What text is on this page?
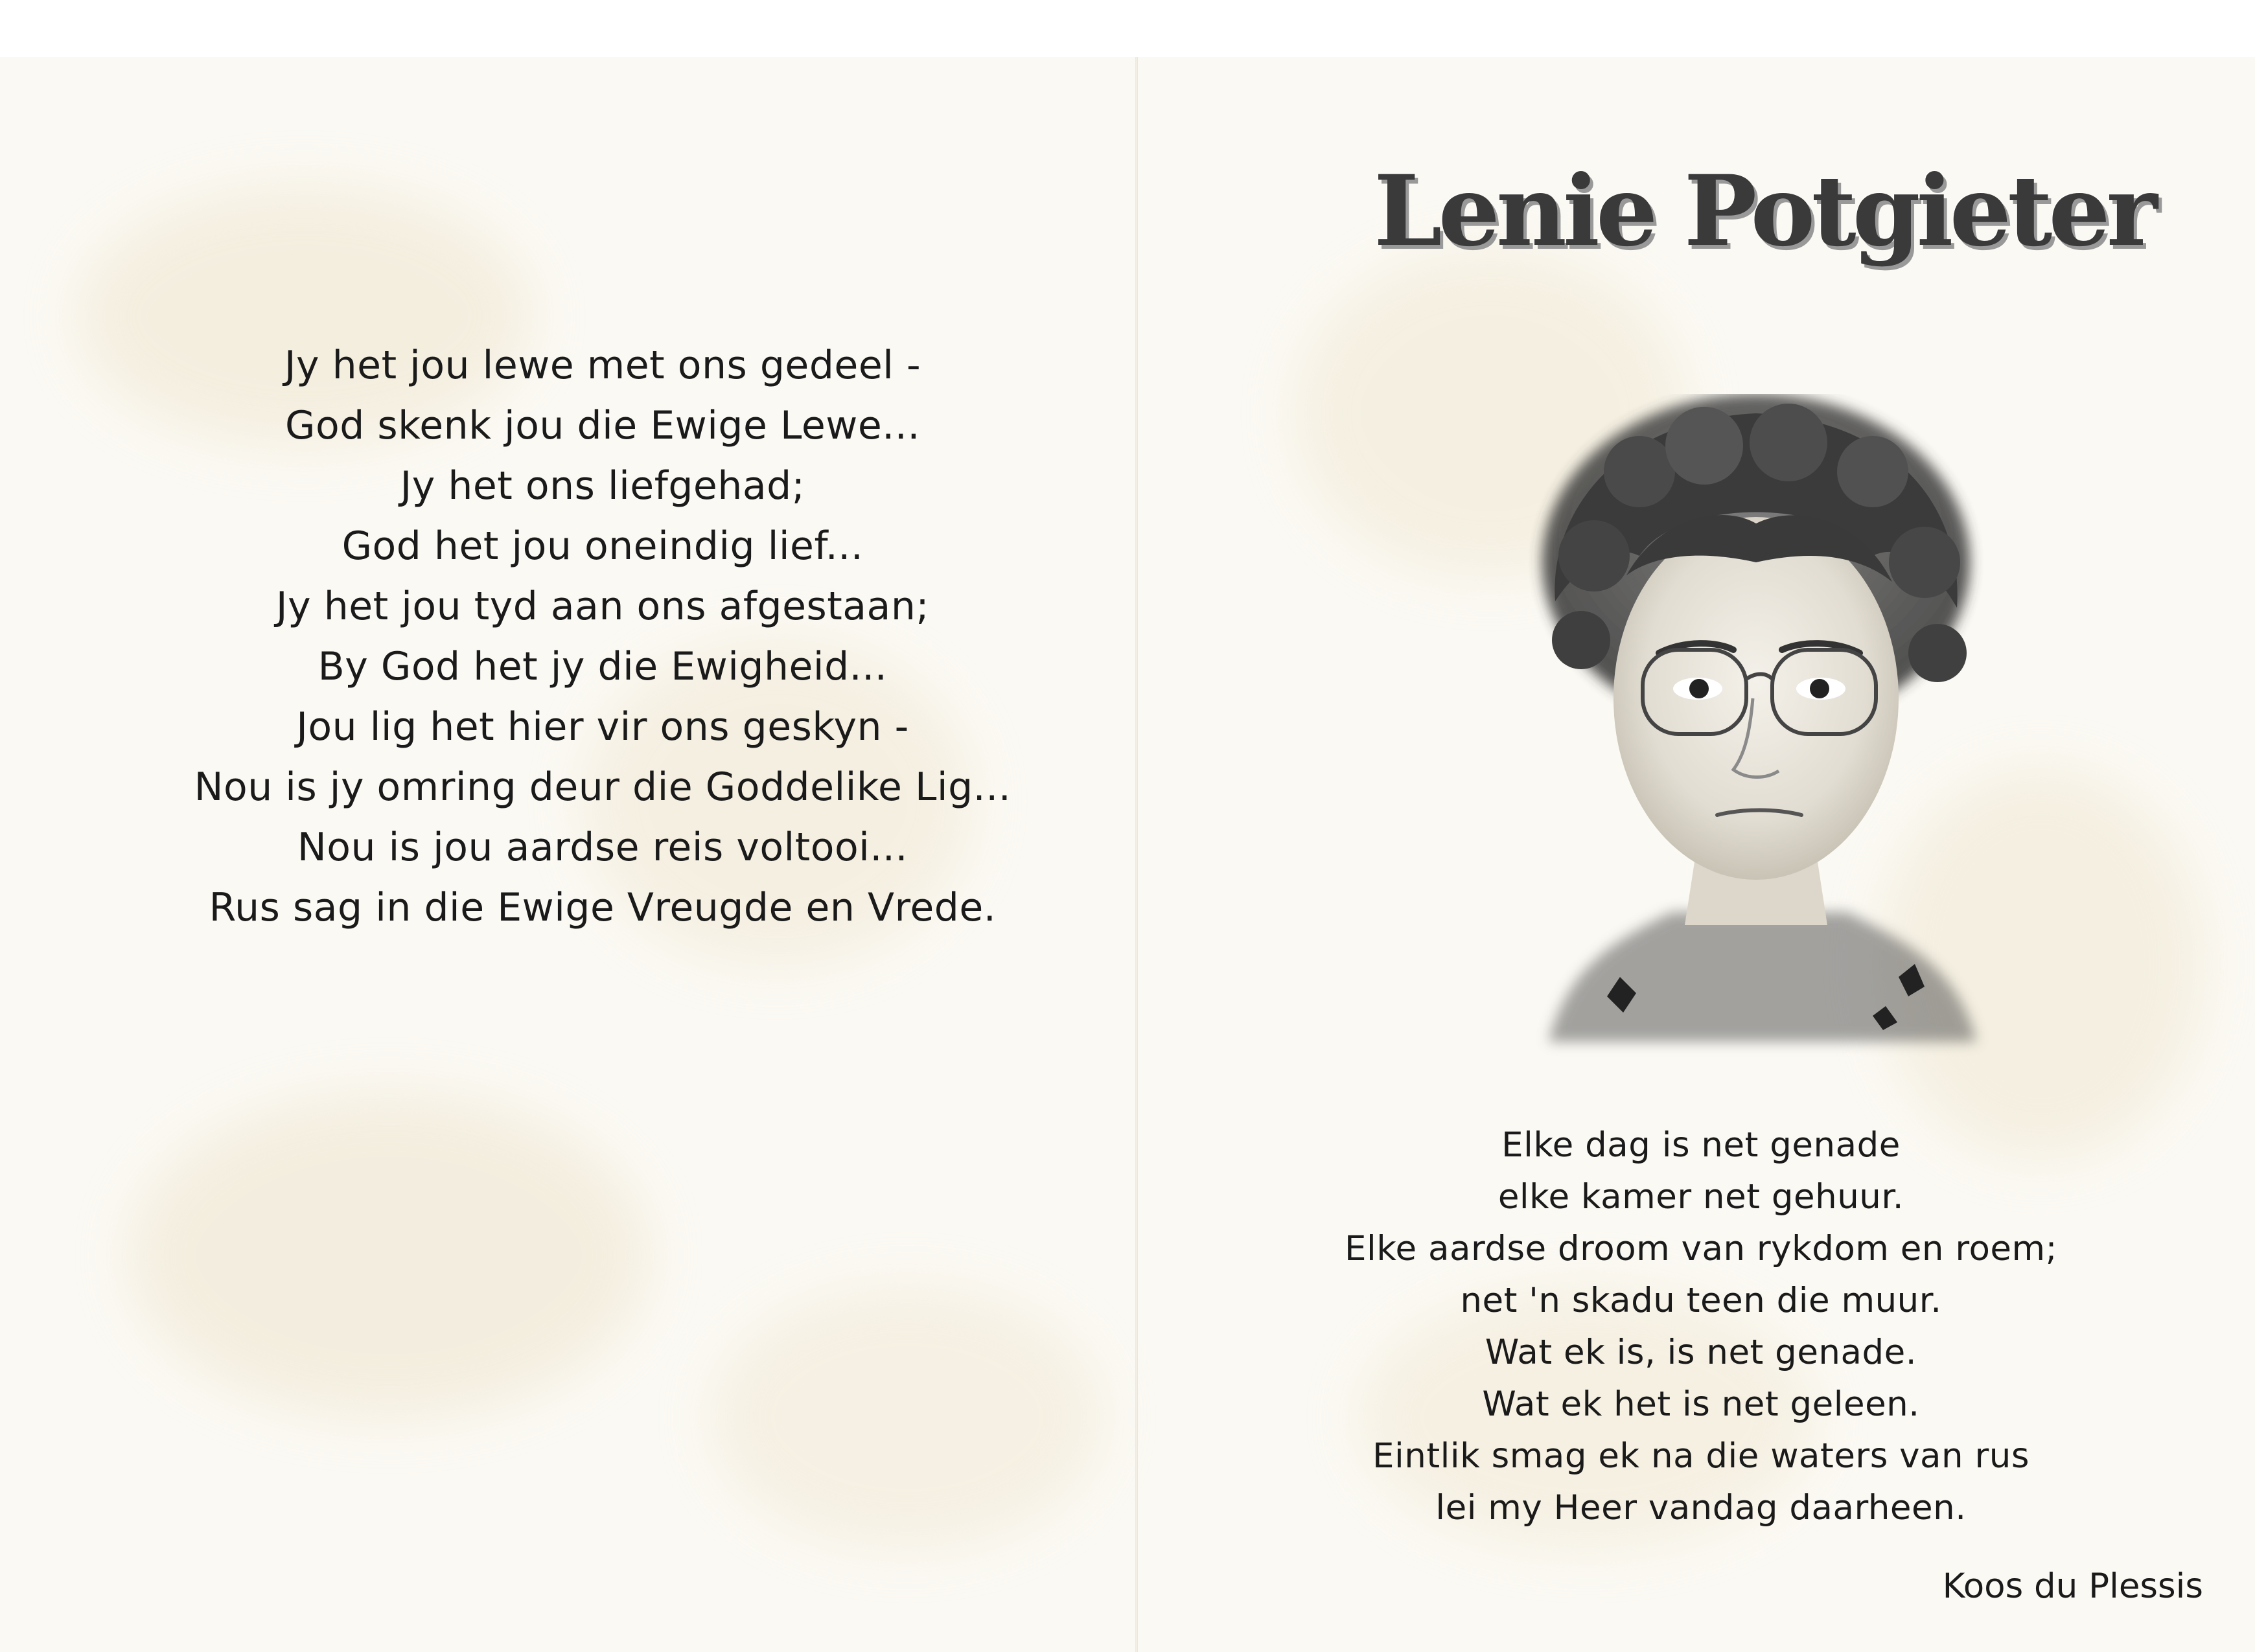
Jy het jou lewe met ons gedeel -
God skenk jou die Ewige Lewe...
Jy het ons liefgehad;
God het jou oneindig lief...
Jy het jou tyd aan ons afgestaan;
By God het jy die Ewigheid...
Jou lig het hier vir ons geskyn -
Nou is jy omring deur die Goddelike Lig...
Nou is jou aardse reis voltooi...
Rus sag in die Ewige Vreugde en Vrede.
Lenie Potgieter
Elke dag is net genade
elke kamer net gehuur.
Elke aardse droom van rykdom en roem;
net 'n skadu teen die muur.
Wat ek is, is net genade.
Wat ek het is net geleen.
Eintlik smag ek na die waters van rus
lei my Heer vandag daarheen.
Koos du Plessis
